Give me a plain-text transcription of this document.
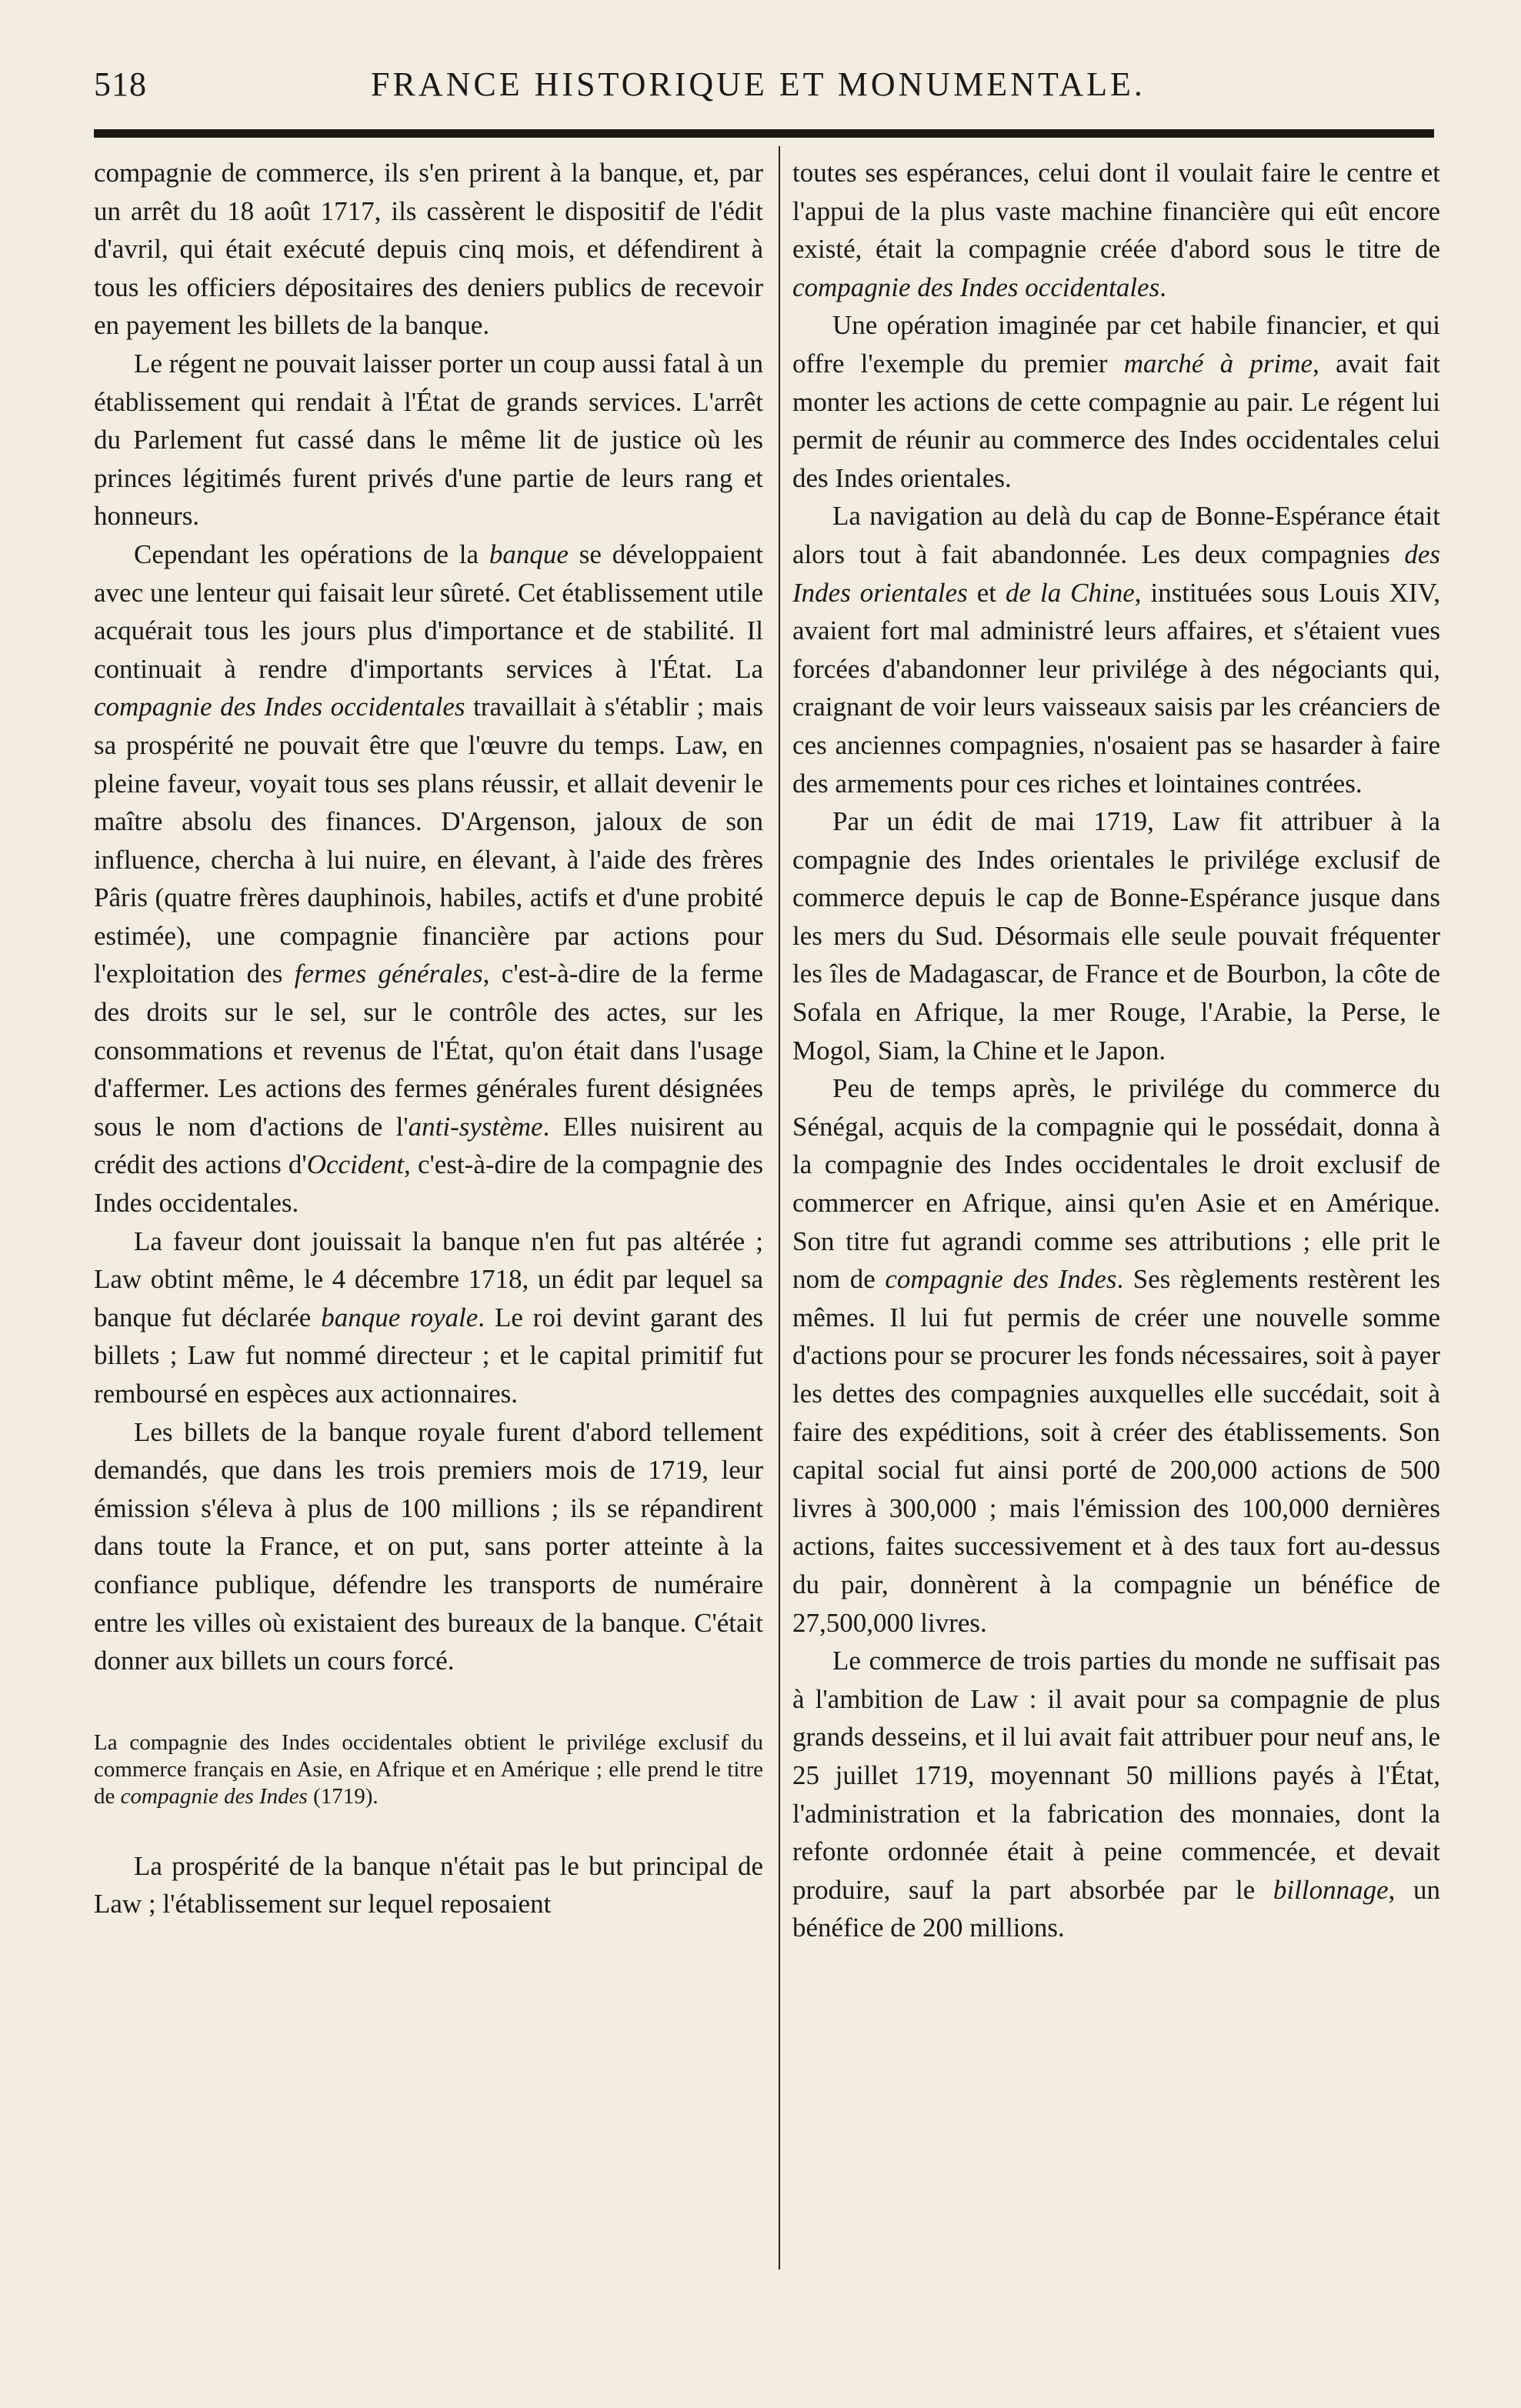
518	FRANCE HISTORIQUE ET MONUMENTALE.

compagnie de commerce, ils s'en prirent à la banque, et, par un arrêt du 18 août 1717, ils cassèrent le dispositif de l'édit d'avril, qui était exécuté depuis cinq mois, et défendirent à tous les officiers dépositaires des deniers publics de recevoir en payement les billets de la banque.

Le régent ne pouvait laisser porter un coup aussi fatal à un établissement qui rendait à l'État de grands services. L'arrêt du Parlement fut cassé dans le même lit de justice où les princes légitimés furent privés d'une partie de leurs rang et honneurs.

Cependant les opérations de la banque se développaient avec une lenteur qui faisait leur sûreté. Cet établissement utile acquérait tous les jours plus d'importance et de stabilité. Il continuait à rendre d'importants services à l'État. La compagnie des Indes occidentales travaillait à s'établir ; mais sa prospérité ne pouvait être que l'œuvre du temps. Law, en pleine faveur, voyait tous ses plans réussir, et allait devenir le maître absolu des finances. D'Argenson, jaloux de son influence, chercha à lui nuire, en élevant, à l'aide des frères Pâris (quatre frères dauphinois, habiles, actifs et d'une probité estimée), une compagnie financière par actions pour l'exploitation des fermes générales, c'est-à-dire de la ferme des droits sur le sel, sur le contrôle des actes, sur les consommations et revenus de l'État, qu'on était dans l'usage d'affermer. Les actions des fermes générales furent désignées sous le nom d'actions de l'anti-système. Elles nuisirent au crédit des actions d'Occident, c'est-à-dire de la compagnie des Indes occidentales.

La faveur dont jouissait la banque n'en fut pas altérée ; Law obtint même, le 4 décembre 1718, un édit par lequel sa banque fut déclarée banque royale. Le roi devint garant des billets ; Law fut nommé directeur ; et le capital primitif fut remboursé en espèces aux actionnaires.

Les billets de la banque royale furent d'abord tellement demandés, que dans les trois premiers mois de 1719, leur émission s'éleva à plus de 100 millions ; ils se répandirent dans toute la France, et on put, sans porter atteinte à la confiance publique, défendre les transports de numéraire entre les villes où existaient des bureaux de la banque. C'était donner aux billets un cours forcé.

La compagnie des Indes occidentales obtient le privilége exclusif du commerce français en Asie, en Afrique et en Amérique ; elle prend le titre de compagnie des Indes (1719).

La prospérité de la banque n'était pas le but principal de Law ; l'établissement sur lequel reposaient

toutes ses espérances, celui dont il voulait faire le centre et l'appui de la plus vaste machine financière qui eût encore existé, était la compagnie créée d'abord sous le titre de compagnie des Indes occidentales.

Une opération imaginée par cet habile financier, et qui offre l'exemple du premier marché à prime, avait fait monter les actions de cette compagnie au pair. Le régent lui permit de réunir au commerce des Indes occidentales celui des Indes orientales.

La navigation au delà du cap de Bonne-Espérance était alors tout à fait abandonnée. Les deux compagnies des Indes orientales et de la Chine, instituées sous Louis XIV, avaient fort mal administré leurs affaires, et s'étaient vues forcées d'abandonner leur privilége à des négociants qui, craignant de voir leurs vaisseaux saisis par les créanciers de ces anciennes compagnies, n'osaient pas se hasarder à faire des armements pour ces riches et lointaines contrées.

Par un édit de mai 1719, Law fit attribuer à la compagnie des Indes orientales le privilége exclusif de commerce depuis le cap de Bonne-Espérance jusque dans les mers du Sud. Désormais elle seule pouvait fréquenter les îles de Madagascar, de France et de Bourbon, la côte de Sofala en Afrique, la mer Rouge, l'Arabie, la Perse, le Mogol, Siam, la Chine et le Japon.

Peu de temps après, le privilége du commerce du Sénégal, acquis de la compagnie qui le possédait, donna à la compagnie des Indes occidentales le droit exclusif de commercer en Afrique, ainsi qu'en Asie et en Amérique. Son titre fut agrandi comme ses attributions ; elle prit le nom de compagnie des Indes. Ses règlements restèrent les mêmes. Il lui fut permis de créer une nouvelle somme d'actions pour se procurer les fonds nécessaires, soit à payer les dettes des compagnies auxquelles elle succédait, soit à faire des expéditions, soit à créer des établissements. Son capital social fut ainsi porté de 200,000 actions de 500 livres à 300,000 ; mais l'émission des 100,000 dernières actions, faites successivement et à des taux fort au-dessus du pair, donnèrent à la compagnie un bénéfice de 27,500,000 livres.

Le commerce de trois parties du monde ne suffisait pas à l'ambition de Law : il avait pour sa compagnie de plus grands desseins, et il lui avait fait attribuer pour neuf ans, le 25 juillet 1719, moyennant 50 millions payés à l'État, l'administration et la fabrication des monnaies, dont la refonte ordonnée était à peine commencée, et devait produire, sauf la part absorbée par le billonnage, un bénéfice de 200 millions.
